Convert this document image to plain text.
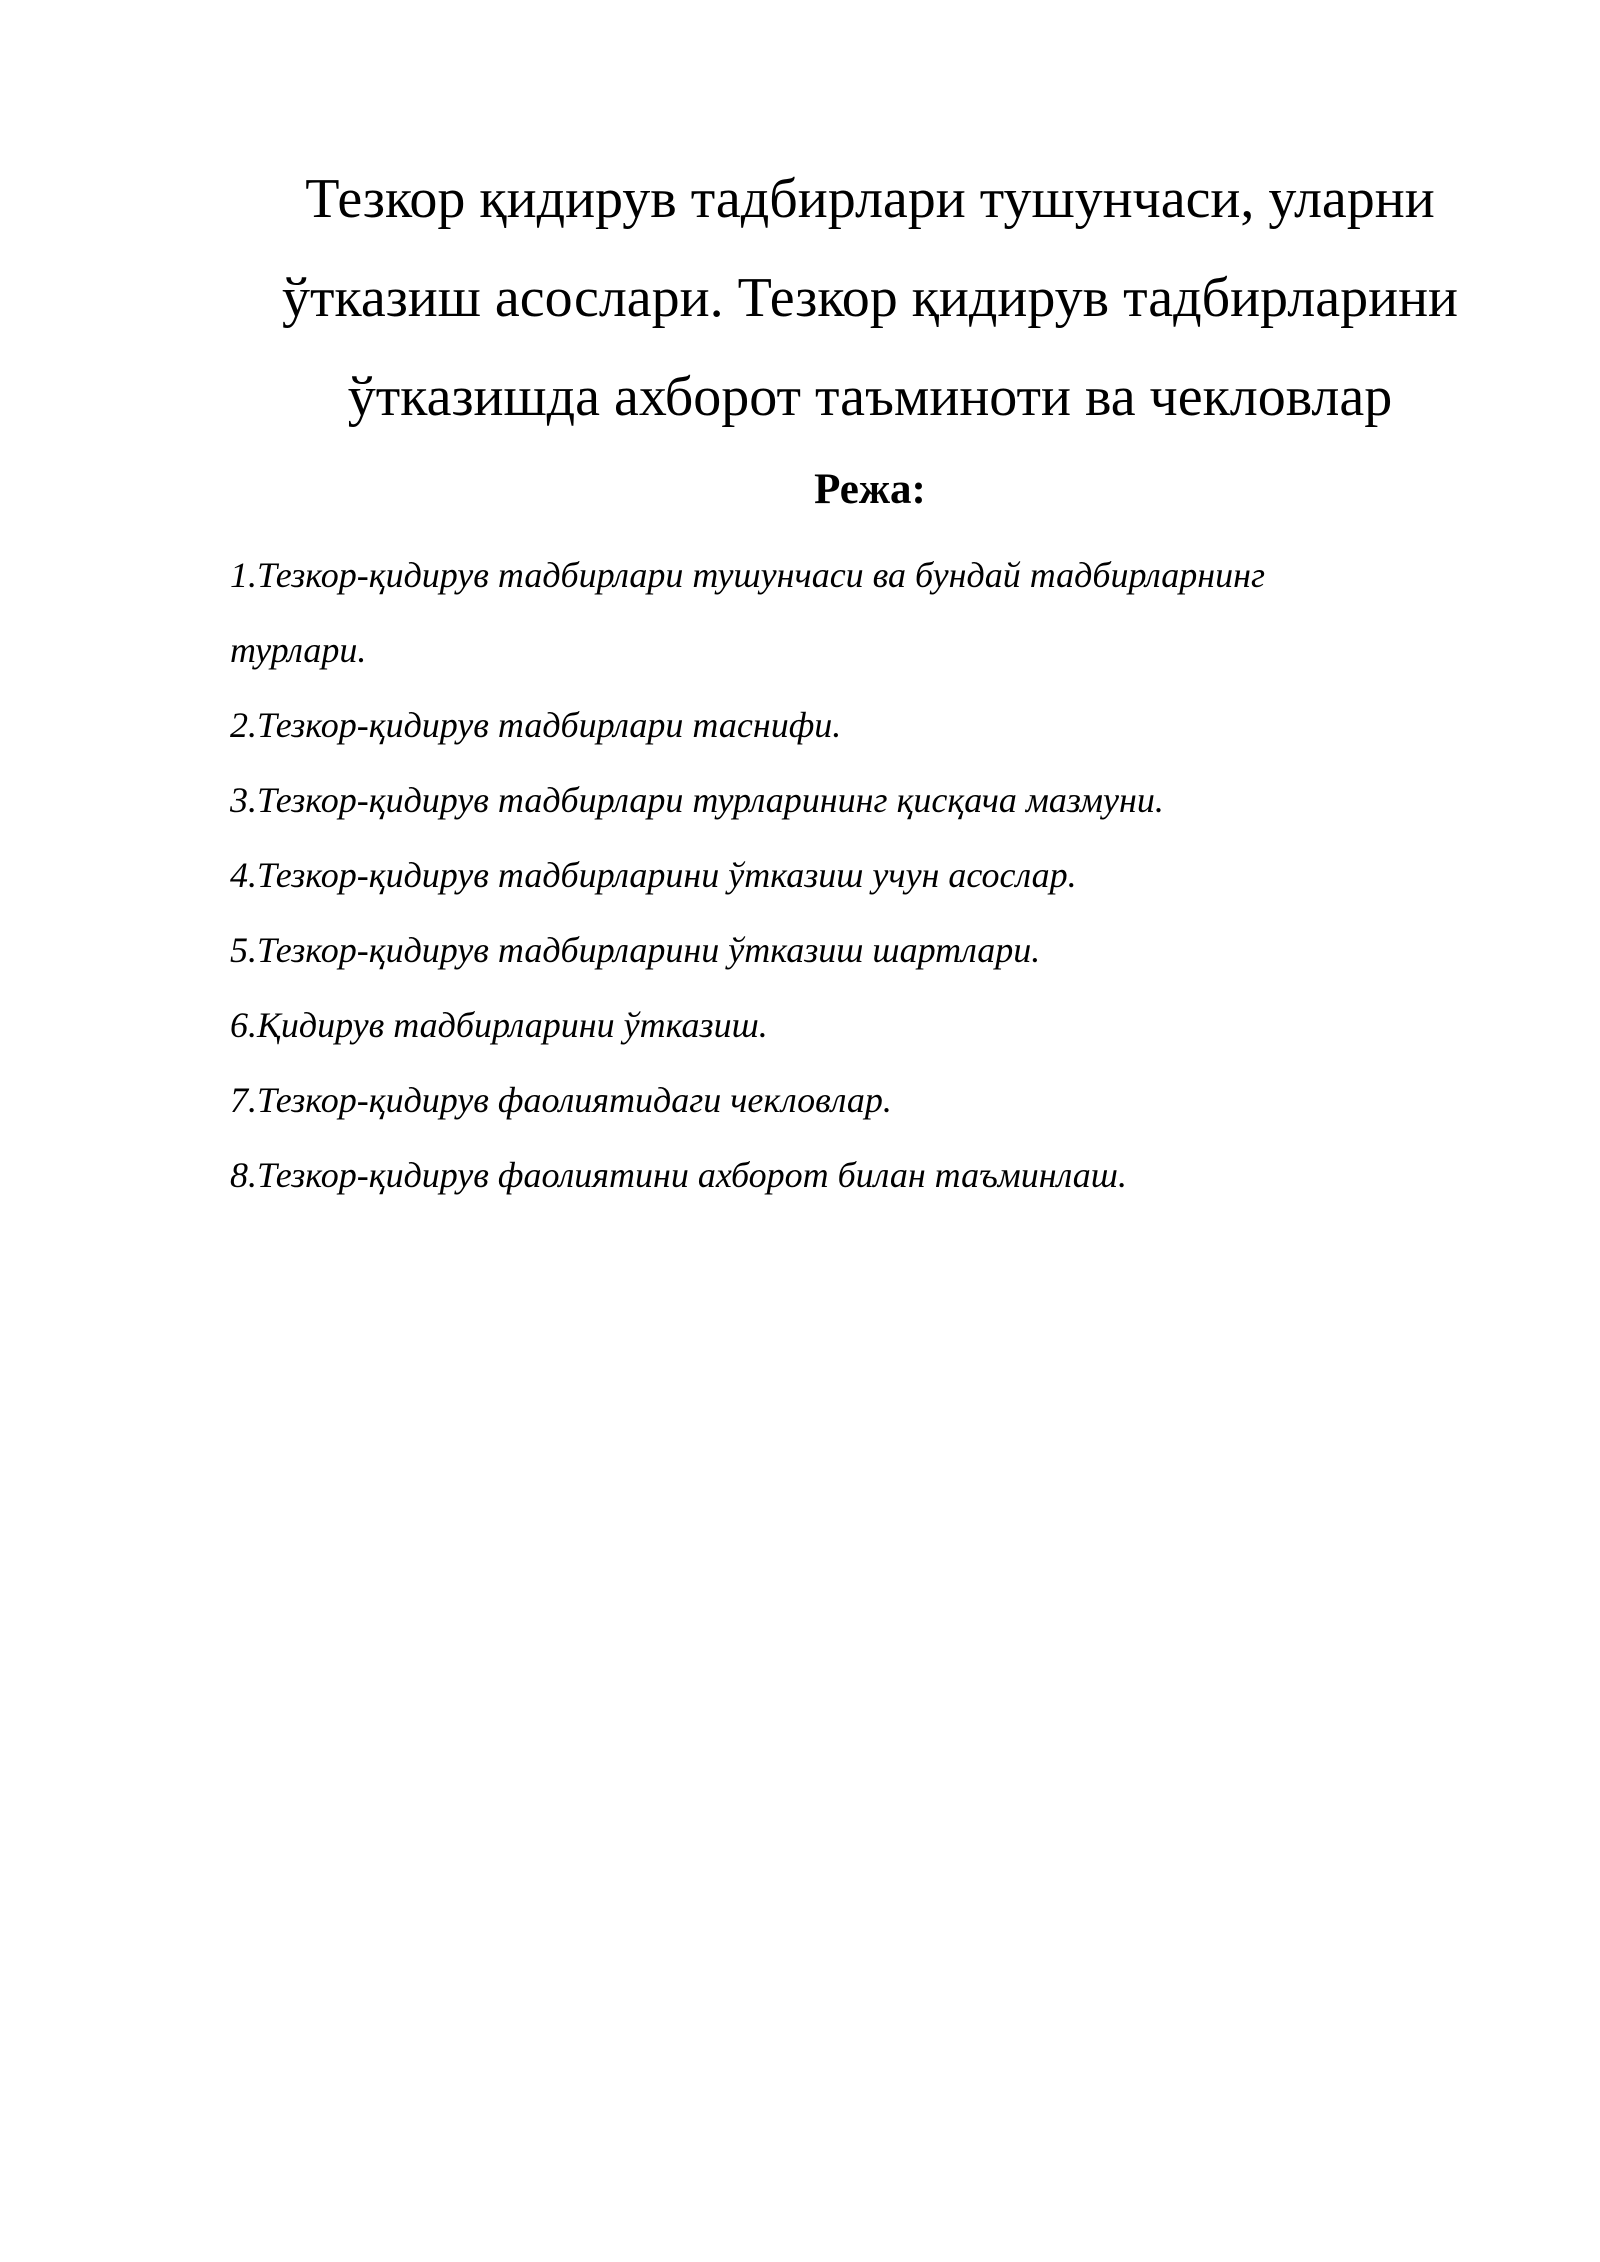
Тезкор қидирув тадбирлари тушунчаси, уларни
ўтказиш асослари. Тезкор қидирув тадбирларини
ўтказишда ахборот таъминоти ва чекловлар
Режа:
1.Тезкор-қидирув тадбирлари тушунчаси ва бундай тадбирларнинг
турлари.
2.Тезкор-қидирув тадбирлари таснифи.
3.Тезкор-қидирув тадбирлари турларининг қисқача мазмуни.
4.Тезкор-қидирув тадбирларини ўтказиш учун асослар.
5.Тезкор-қидирув тадбирларини ўтказиш шартлари.
6.Қидирув тадбирларини ўтказиш.
7.Тезкор-қидирув фаолиятидаги чекловлар.
8.Тезкор-қидирув фаолиятини ахборот билан таъминлаш.
